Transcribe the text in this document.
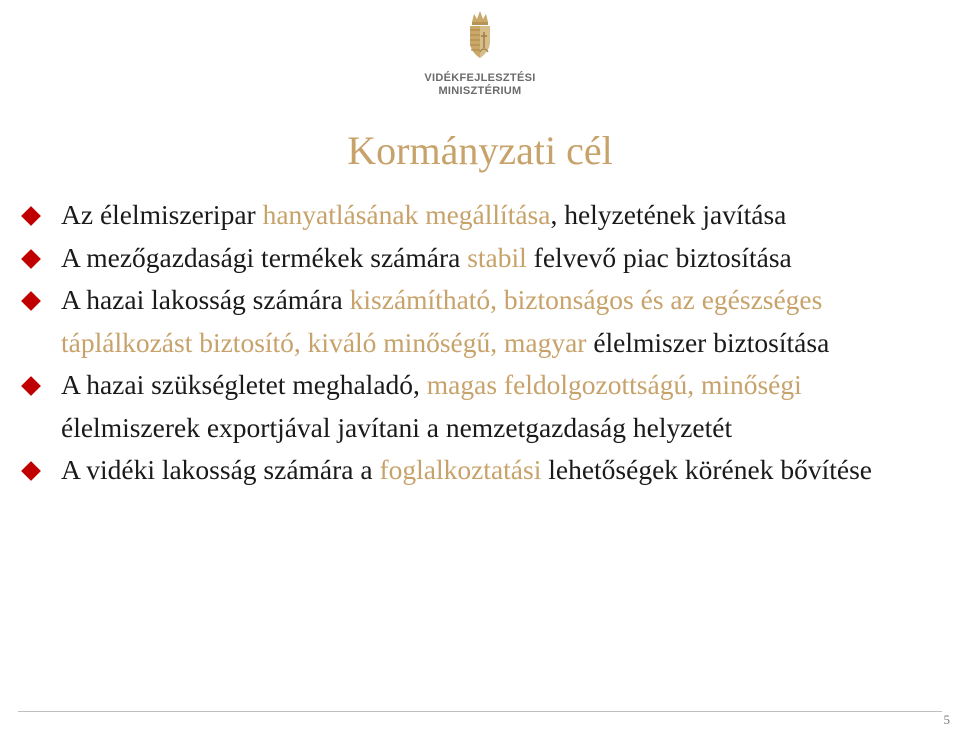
VIDÉKFEJLESZTÉSI
MINISZTÉRIUM
Kormányzati cél
Az élelmiszeripar hanyatlásának megállítása, helyzetének javítása
A mezőgazdasági termékek számára stabil felvevő piac biztosítása
A hazai lakosság számára kiszámítható, biztonságos és az egészséges táplálkozást biztosító, kiváló minőségű, magyar élelmiszer biztosítása
A hazai szükségletet meghaladó, magas feldolgozottságú, minőségi élelmiszerek exportjával javítani a nemzetgazdaság helyzetét
A vidéki lakosság számára a foglalkoztatási lehetőségek körének bővítése
5
